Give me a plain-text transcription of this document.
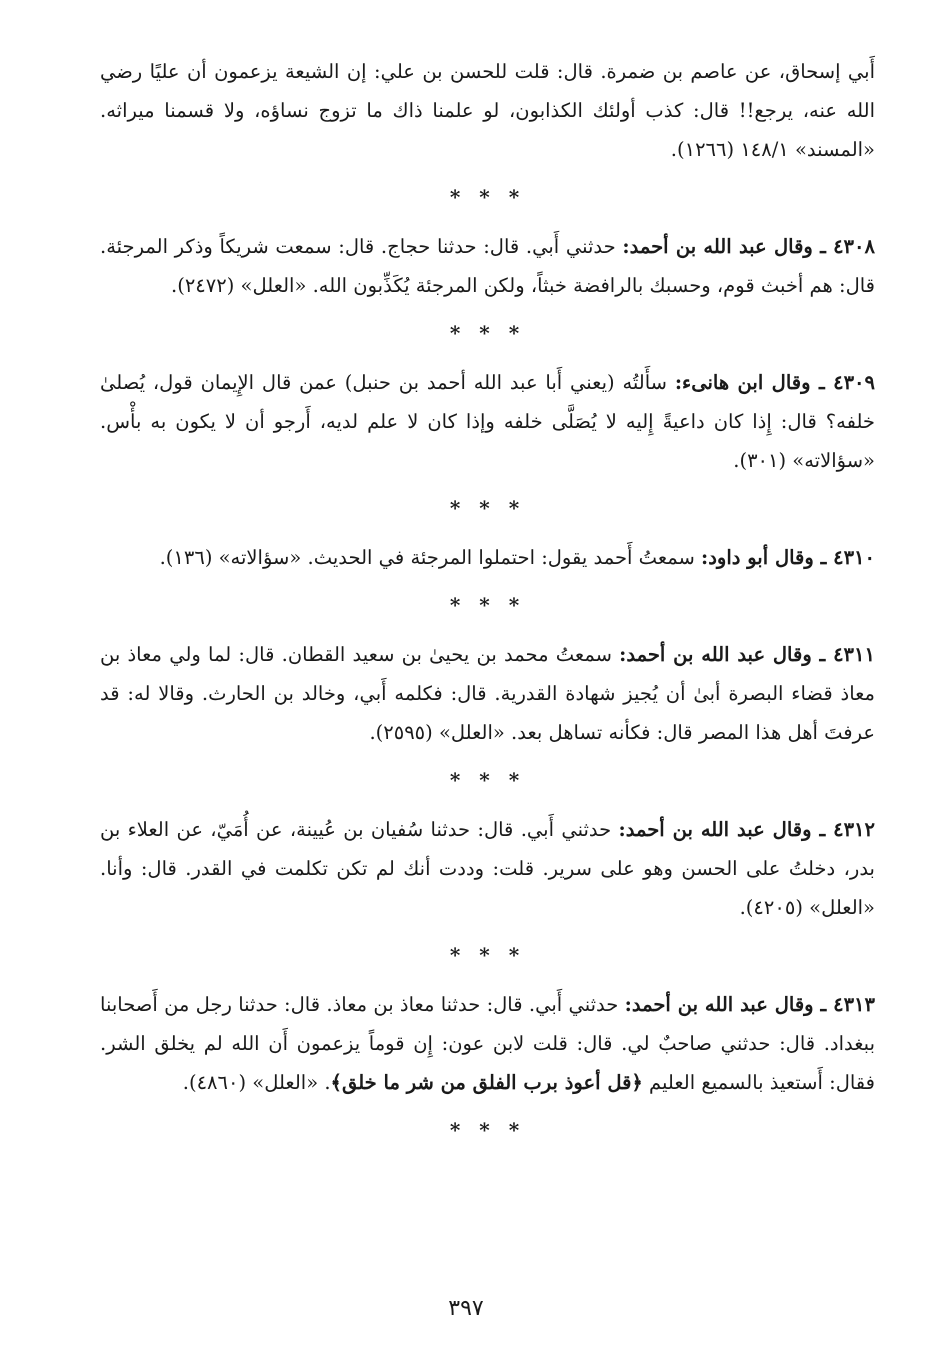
أَبي إسحاق، عن عاصم بن ضمرة. قال: قلت للحسن بن علي: إن الشيعة يزعمون أن عليًا رضي الله عنه، يرجع!! قال: كذب أولئك الكذابون، لو علمنا ذاك ما تزوج نساؤه، ولا قسمنا ميراثه. «المسند» ١٤٨/١ (١٢٦٦).

* * *

٤٣٠٨ ـ وقال عبد الله بن أحمد: حدثني أَبي. قال: حدثنا حجاج. قال: سمعت شريكاً وذكر المرجئة. قال: هم أخبث قوم، وحسبك بالرافضة خبثاً، ولكن المرجئة يُكَذِّبون الله. «العلل» (٢٤٧٢).

* * *

٤٣٠٩ ـ وقال ابن هانىء: سأَلتُه (يعني أَبا عبد الله أحمد بن حنبل) عمن قال الإِيمان قول، يُصلىٰ خلفه؟ قال: إِذا كان داعيةً إِليه لا يُصَلَّى خلفه وإذا كان لا علم لديه، أَرجو أن لا يكون به بأْس. «سؤالاته» (٣٠١).

* * *

٤٣١٠ ـ وقال أبو داود: سمعتُ أَحمد يقول: احتملوا المرجئة في الحديث. «سؤالاته» (١٣٦).

* * *

٤٣١١ ـ وقال عبد الله بن أحمد: سمعتُ محمد بن يحيىٰ بن سعيد القطان. قال: لما ولي معاذ بن معاذ قضاء البصرة أبىٰ أن يُجيز شهادة القدرية. قال: فكلمه أَبي، وخالد بن الحارث. وقالا له: قد عرفتَ أهل هذا المصر قال: فكأنه تساهل بعد. «العلل» (٢٥٩٥).

* * *

٤٣١٢ ـ وقال عبد الله بن أحمد: حدثني أَبي. قال: حدثنا سُفيان بن عُيينة، عن أُمَيّ، عن العلاء بن بدر، دخلتُ على الحسن وهو على سرير. قلت: وددت أنك لم تكن تكلمت في القدر. قال: وأنا. «العلل» (٤٢٠٥).

* * *

٤٣١٣ ـ وقال عبد الله بن أحمد: حدثني أَبي. قال: حدثنا معاذ بن معاذ. قال: حدثنا رجل من أَصحابنا ببغداد. قال: حدثني صاحبٌ لي. قال: قلت لابن عون: إِن قوماً يزعمون أَن الله لم يخلق الشر. فقال: أَستعيذ بالسميع العليم ﴿قل أعوذ برب الفلق من شر ما خلق﴾. «العلل» (٤٨٦٠).

* * *
٣٩٧
